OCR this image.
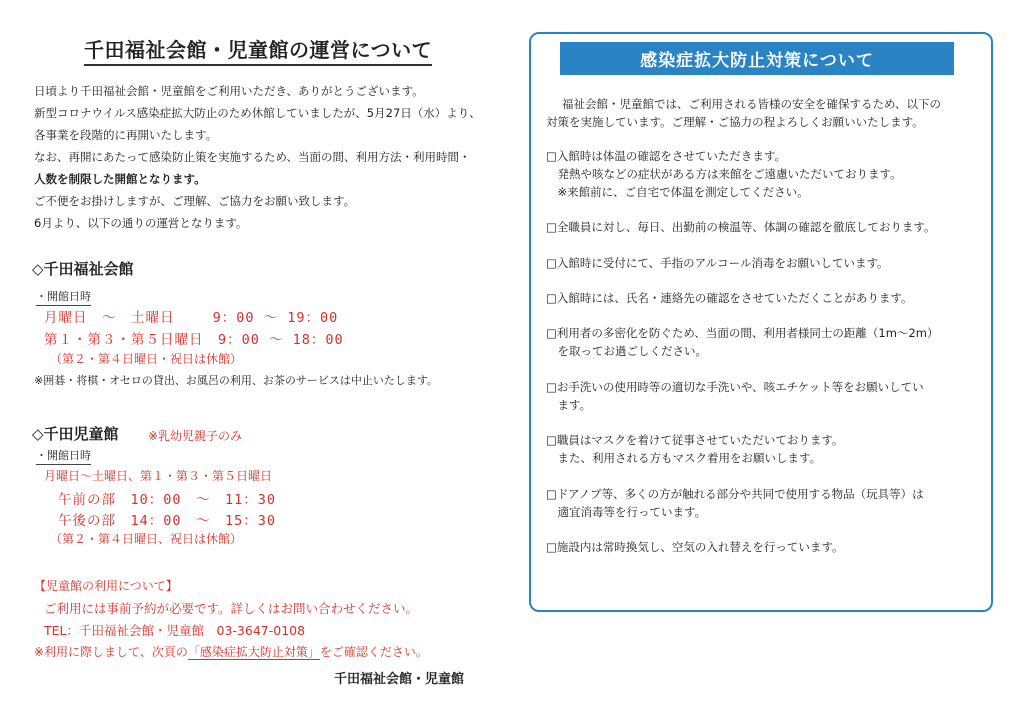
千田福祉会館・児童館の運営について
日頃より千田福祉会館・児童館をご利用いただき、ありがとうございます。
新型コロナウイルス感染症拡大防止のため休館していましたが、5月27日（水）より、
各事業を段階的に再開いたします。
なお、再開にあたって感染防止策を実施するため、当面の間、利用方法・利用時間・
人数を制限した開館となります。
ご不便をお掛けしますが、ご理解、ご協力をお願い致します。
6月より、以下の通りの運営となります。
◇千田福祉会館
・開館日時
月曜日　～　土曜日　　 9：00 ～ 19：00
第１・第３・第５日曜日　9：00 ～ 18：00
（第２・第４日曜日・祝日は休館）
※囲碁・将棋・オセロの貸出、お風呂の利用、お茶のサービスは中止いたします。
◇千田児童館 ※乳幼児親子のみ
・開館日時
月曜日～土曜日、第１・第３・第５日曜日
午前の部　10：00　～　11：30
午後の部　14：00　～　15：30
（第２・第４日曜日、祝日は休館）
【児童館の利用について】
ご利用には事前予約が必要です。詳しくはお問い合わせください。
TEL：千田福祉会館・児童館　03-3647-0108
※利用に際しまして、次頁の「感染症拡大防止対策」をご確認ください。
千田福祉会館・児童館
感染症拡大防止対策について
福祉会館・児童館では、ご利用される皆様の安全を確保するため、以下の
対策を実施しています。ご理解・ご協力の程よろしくお願いいたします。
□入館時は体温の確認をさせていただきます。
　発熱や咳などの症状がある方は来館をご遠慮いただいております。
　※来館前に、ご自宅で体温を測定してください。
□全職員に対し、毎日、出勤前の検温等、体調の確認を徹底しております。
□入館時に受付にて、手指のアルコール消毒をお願いしています。
□入館時には、氏名・連絡先の確認をさせていただくことがあります。
□利用者の多密化を防ぐため、当面の間、利用者様同士の距離（1m～2m）
　を取ってお過ごしください。
□お手洗いの使用時等の適切な手洗いや、咳エチケット等をお願いしてい
　ます。
□職員はマスクを着けて従事させていただいております。
　また、利用される方もマスク着用をお願いします。
□ドアノブ等、多くの方が触れる部分や共同で使用する物品（玩具等）は
　適宜消毒等を行っています。
□施設内は常時換気し、空気の入れ替えを行っています。
